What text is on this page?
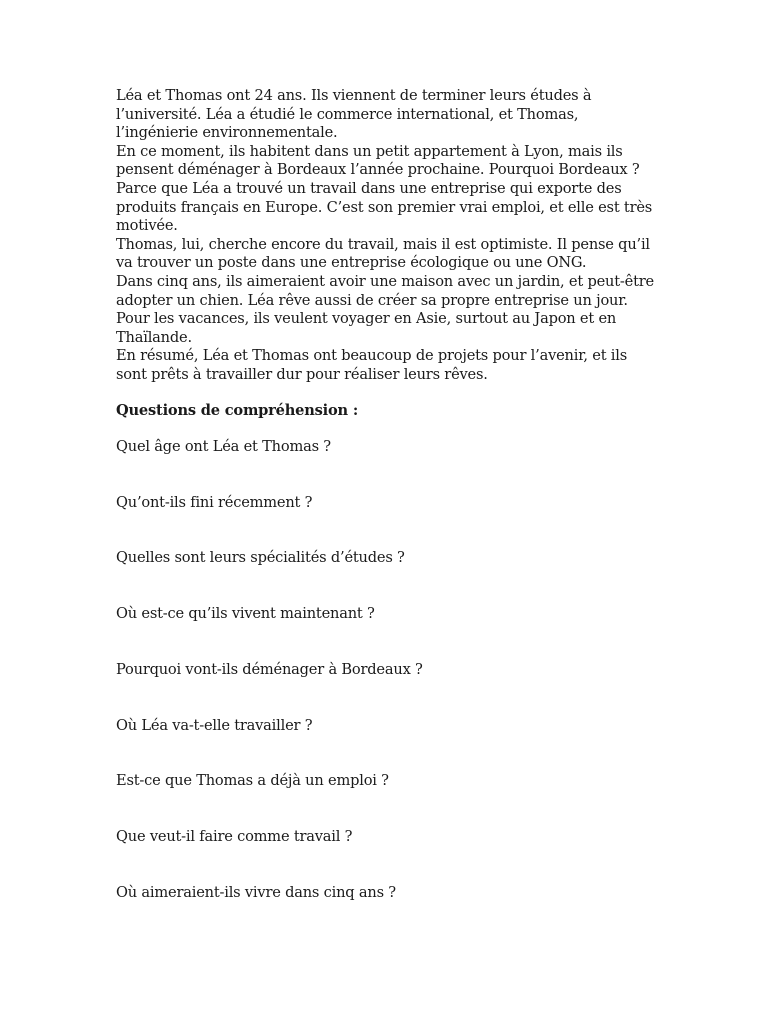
Léa et Thomas ont 24 ans. Ils viennent de terminer leurs études à

l’université. Léa a étudié le commerce international, et Thomas,

l’ingénierie environnementale.

En ce moment, ils habitent dans un petit appartement à Lyon, mais ils

pensent déménager à Bordeaux l’année prochaine. Pourquoi Bordeaux ?

Parce que Léa a trouvé un travail dans une entreprise qui exporte des

produits français en Europe. C’est son premier vrai emploi, et elle est très

motivée.

Thomas, lui, cherche encore du travail, mais il est optimiste. Il pense qu’il

va trouver un poste dans une entreprise écologique ou une ONG.

Dans cinq ans, ils aimeraient avoir une maison avec un jardin, et peut-être

adopter un chien. Léa rêve aussi de créer sa propre entreprise un jour.

Pour les vacances, ils veulent voyager en Asie, surtout au Japon et en

Thaïlande.

En résumé, Léa et Thomas ont beaucoup de projets pour l’avenir, et ils

sont prêts à travailler dur pour réaliser leurs rêves.

Questions de compréhension :
Quel âge ont Léa et Thomas ?
Qu’ont-ils fini récemment ?
Quelles sont leurs spécialités d’études ?
Où est-ce qu’ils vivent maintenant ?
Pourquoi vont-ils déménager à Bordeaux ?
Où Léa va-t-elle travailler ?
Est-ce que Thomas a déjà un emploi ?
Que veut-il faire comme travail ?
Où aimeraient-ils vivre dans cinq ans ?
